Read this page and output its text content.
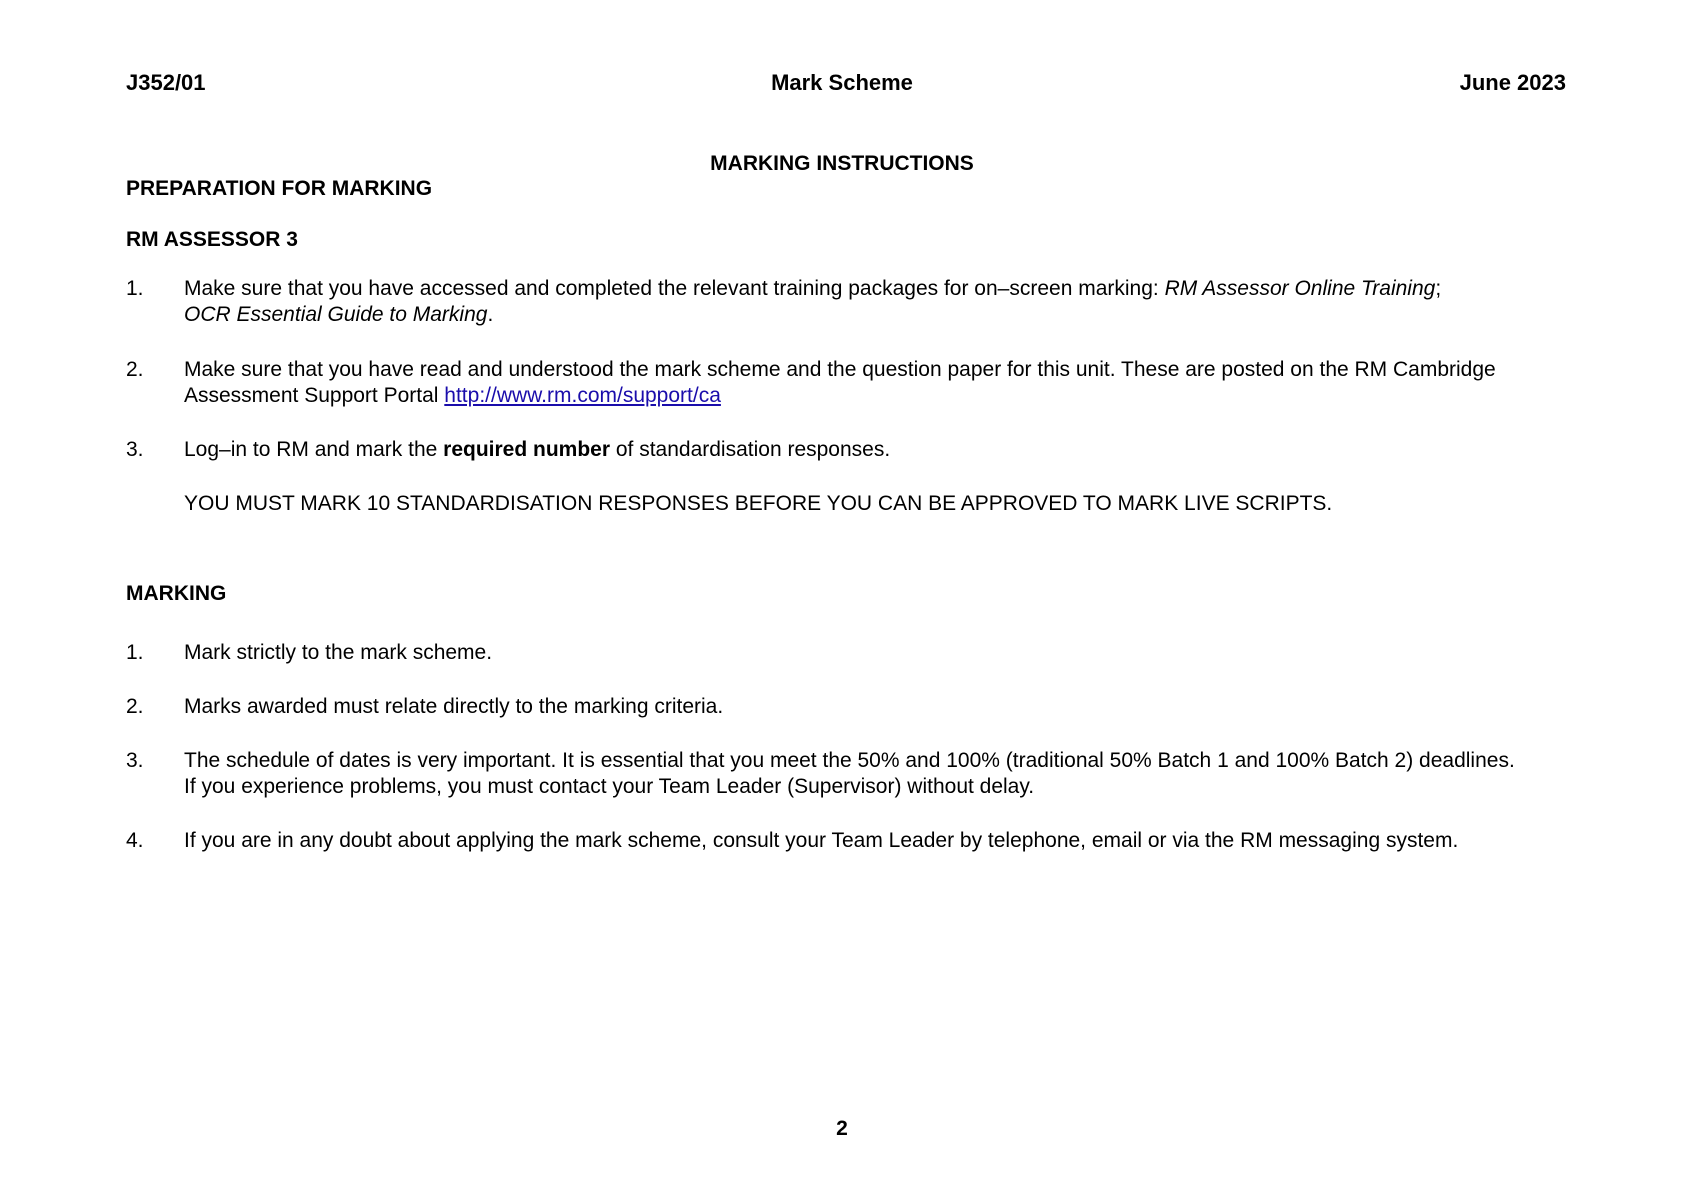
J352/01	Mark Scheme	June 2023
MARKING INSTRUCTIONS
PREPARATION FOR MARKING
RM ASSESSOR 3
1. Make sure that you have accessed and completed the relevant training packages for on–screen marking: RM Assessor Online Training;
OCR Essential Guide to Marking.
2. Make sure that you have read and understood the mark scheme and the question paper for this unit. These are posted on the RM Cambridge Assessment Support Portal http://www.rm.com/support/ca
3. Log–in to RM and mark the required number of standardisation responses.
YOU MUST MARK 10 STANDARDISATION RESPONSES BEFORE YOU CAN BE APPROVED TO MARK LIVE SCRIPTS.
MARKING
1. Mark strictly to the mark scheme.
2. Marks awarded must relate directly to the marking criteria.
3. The schedule of dates is very important. It is essential that you meet the 50% and 100% (traditional 50% Batch 1 and 100% Batch 2) deadlines. If you experience problems, you must contact your Team Leader (Supervisor) without delay.
4. If you are in any doubt about applying the mark scheme, consult your Team Leader by telephone, email or via the RM messaging system.
2
